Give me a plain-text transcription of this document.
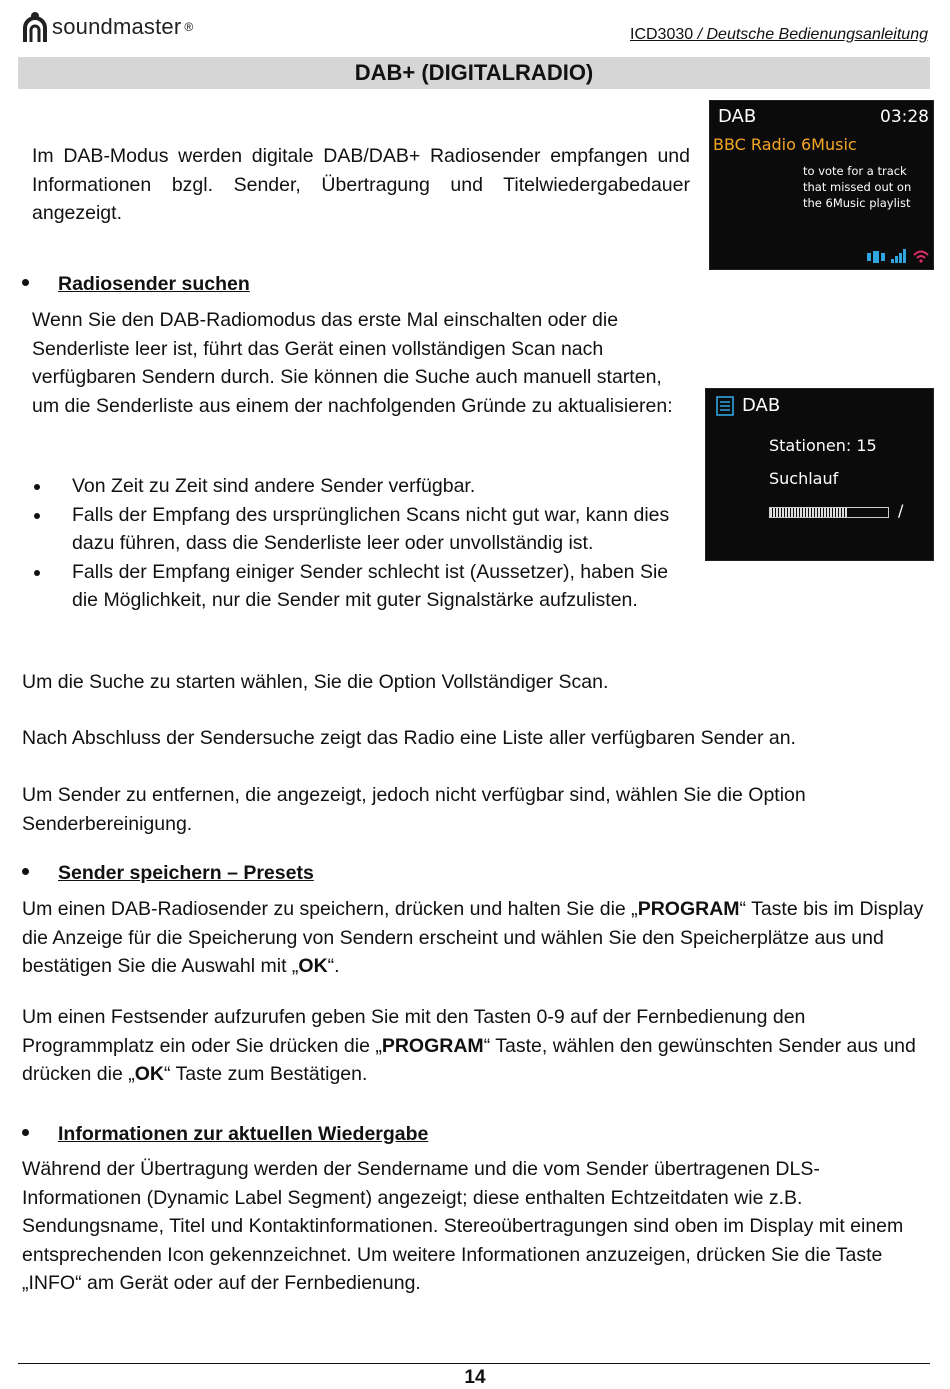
soundmaster ®	ICD3030 / Deutsche Bedienungsanleitung
DAB+ (DIGITALRADIO)

Im DAB-Modus werden digitale DAB/DAB+ Radiosender empfangen und Informationen bzgl. Sender, Übertragung und Titelwiedergabedauer angezeigt.

DAB	03:28
BBC Radio 6Music
to vote for a track
that missed out on
the 6Music playlist
Radiosender suchen

Wenn Sie den DAB-Radiomodus das erste Mal einschalten oder die Senderliste leer ist, führt das Gerät einen vollständigen Scan nach verfügbaren Sendern durch. Sie können die Suche auch manuell starten, um die Senderliste aus einem der nachfolgenden Gründe zu aktualisieren:	DAB
Stationen: 15
Suchlauf
/
Von Zeit zu Zeit sind andere Sender verfügbar.
Falls der Empfang des ursprünglichen Scans nicht gut war, kann dies dazu führen, dass die Senderliste leer oder unvollständig ist.
Falls der Empfang einiger Sender schlecht ist (Aussetzer), haben Sie die Möglichkeit, nur die Sender mit guter Signalstärke aufzulisten.

Um die Suche zu starten wählen, Sie die Option Vollständiger Scan.

Nach Abschluss der Sendersuche zeigt das Radio eine Liste aller verfügbaren Sender an.

Um Sender zu entfernen, die angezeigt, jedoch nicht verfügbar sind, wählen Sie die Option Senderbereinigung.

Sender speichern – Presets

Um einen DAB-Radiosender zu speichern, drücken und halten Sie die „PROGRAM“ Taste bis im Display die Anzeige für die Speicherung von Sendern erscheint und wählen Sie den Speicherplätze aus und bestätigen Sie die Auswahl mit „OK“.

Um einen Festsender aufzurufen geben Sie mit den Tasten 0-9 auf der Fernbedienung den Programmplatz ein oder Sie drücken die „PROGRAM“ Taste, wählen den gewünschten Sender aus und drücken die „OK“ Taste zum Bestätigen.

Informationen zur aktuellen Wiedergabe

Während der Übertragung werden der Sendername und die vom Sender übertragenen DLS-Informationen (Dynamic Label Segment) angezeigt; diese enthalten Echtzeitdaten wie z.B. Sendungsname, Titel und Kontaktinformationen. Stereoübertragungen sind oben im Display mit einem entsprechenden Icon gekennzeichnet. Um weitere Informationen anzuzeigen, drücken Sie die Taste „INFO“ am Gerät oder auf der Fernbedienung.

14
